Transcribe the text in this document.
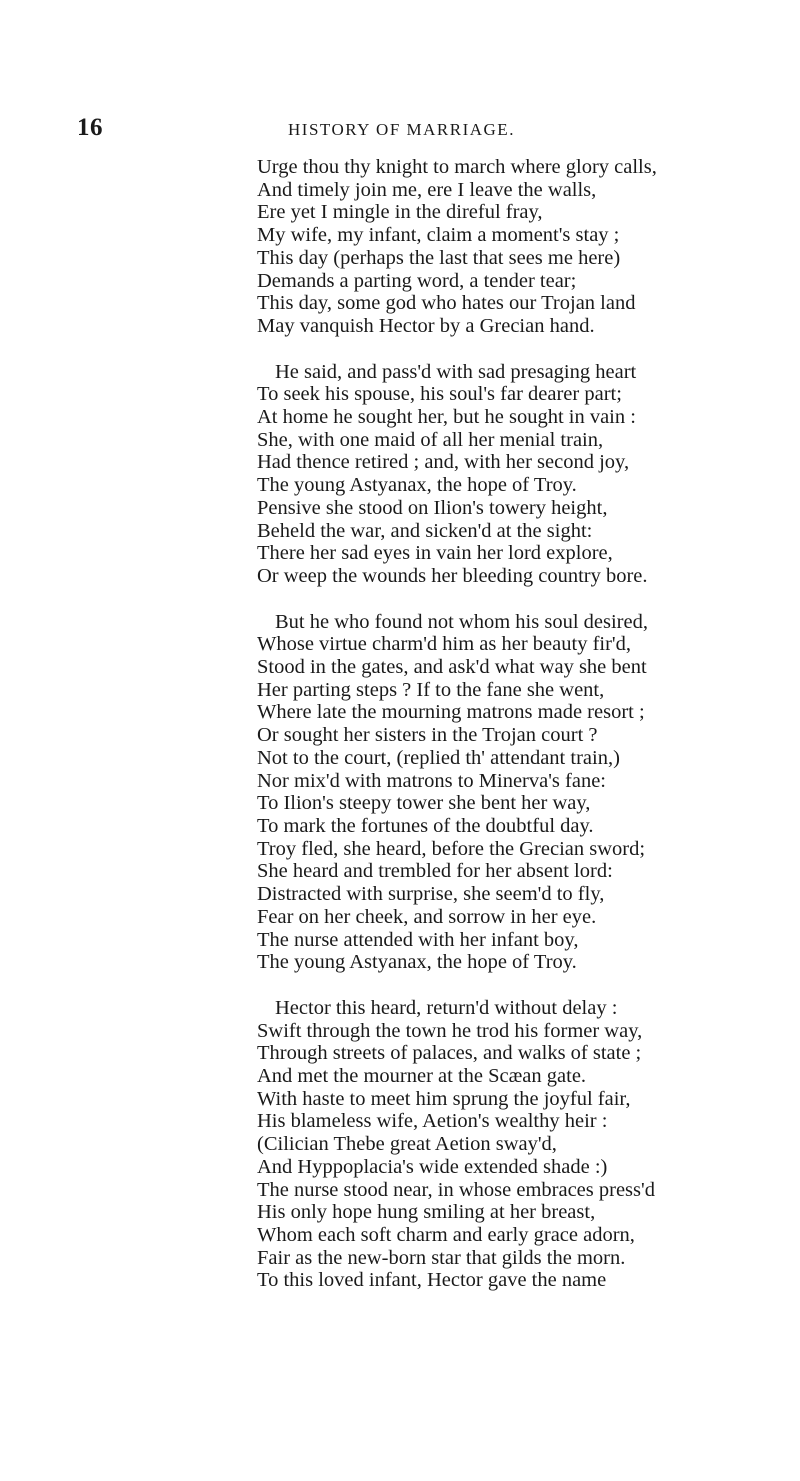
16	HISTORY OF MARRIAGE.
Urge thou thy knight to march where glory calls,
And timely join me, ere I leave the walls,
Ere yet I mingle in the direful fray,
My wife, my infant, claim a moment's stay ;
This day (perhaps the last that sees me here)
Demands a parting word, a tender tear;
This day, some god who hates our Trojan land
May vanquish Hector by a Grecian hand.
He said, and pass'd with sad presaging heart
To seek his spouse, his soul's far dearer part;
At home he sought her, but he sought in vain :
She, with one maid of all her menial train,
Had thence retired ; and, with her second joy,
The young Astyanax, the hope of Troy.
Pensive she stood on Ilion's towery height,
Beheld the war, and sicken'd at the sight:
There her sad eyes in vain her lord explore,
Or weep the wounds her bleeding country bore.
But he who found not whom his soul desired,
Whose virtue charm'd him as her beauty fir'd,
Stood in the gates, and ask'd what way she bent
Her parting steps ? If to the fane she went,
Where late the mourning matrons made resort ;
Or sought her sisters in the Trojan court ?
Not to the court, (replied th' attendant train,)
Nor mix'd with matrons to Minerva's fane:
To Ilion's steepy tower she bent her way,
To mark the fortunes of the doubtful day.
Troy fled, she heard, before the Grecian sword;
She heard and trembled for her absent lord:
Distracted with surprise, she seem'd to fly,
Fear on her cheek, and sorrow in her eye.
The nurse attended with her infant boy,
The young Astyanax, the hope of Troy.
Hector this heard, return'd without delay :
Swift through the town he trod his former way,
Through streets of palaces, and walks of state ;
And met the mourner at the Scæan gate.
With haste to meet him sprung the joyful fair,
His blameless wife, Aetion's wealthy heir :
(Cilician Thebe great Aetion sway'd,
And Hyppoplacia's wide extended shade :)
The nurse stood near, in whose embraces press'd
His only hope hung smiling at her breast,
Whom each soft charm and early grace adorn,
Fair as the new-born star that gilds the morn.
To this loved infant, Hector gave the name
